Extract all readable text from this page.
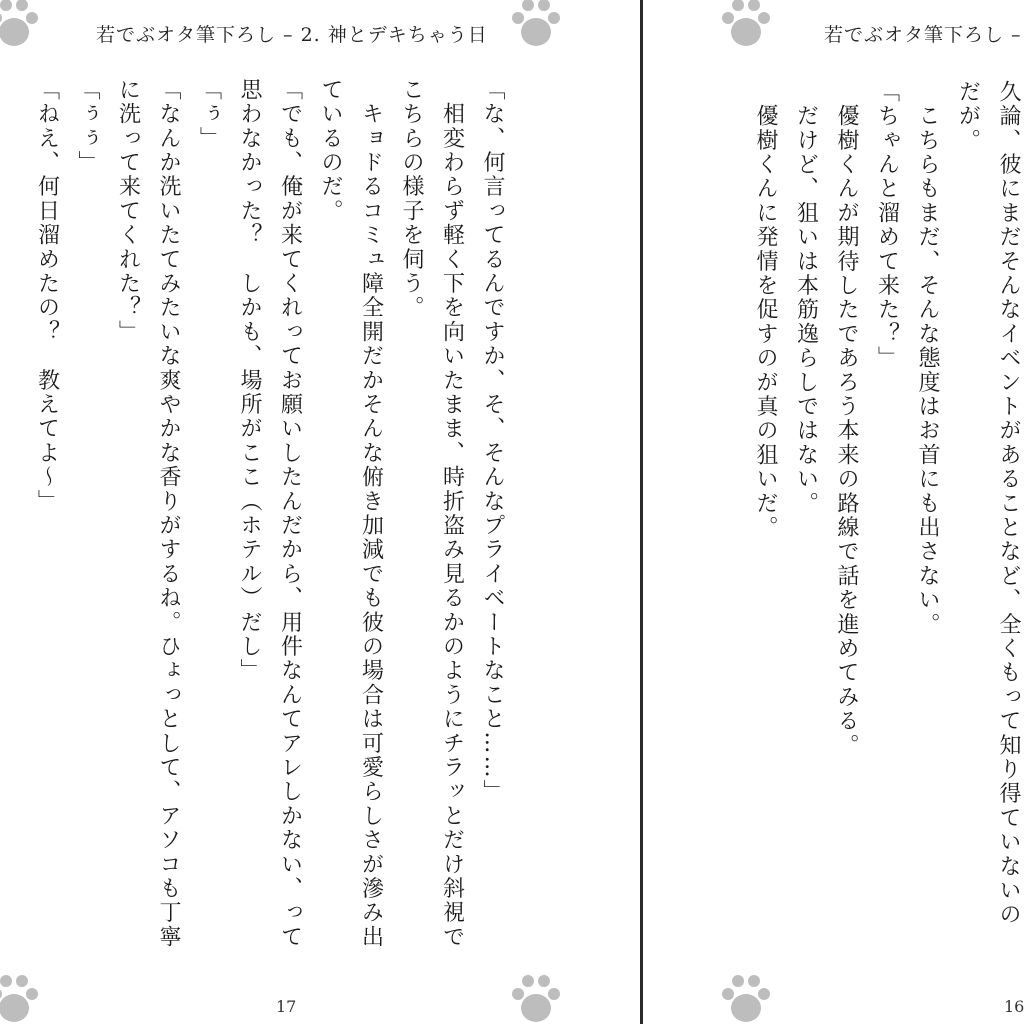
若でぶオタ筆下ろし – 2. 神とデキちゃう日
「な、何言ってるんですか、そ、そんなプライベートなこと……」
　相変わらず軽く下を向いたまま、時折盗み見るかのようにチラッとだけ斜視で
こちらの様子を伺う。
　キョドるコミュ障全開だかそんな俯き加減でも彼の場合は可愛らしさが滲み出
ているのだ。
「でも、俺が来てくれってお願いしたんだから、用件なんてアレしかない、って
思わなかった？　しかも、場所がここ（ホテル）だし」
「ぅ」
「なんか洗いたてみたいな爽やかな香りがするね。ひょっとして、アソコも丁寧
に洗って来てくれた？」
「ぅぅ」
「ねえ、何日溜めたの？　教えてよ～」
17
若でぶオタ筆下ろし –
久論、彼にまだそんなイベントがあることなど、全くもって知り得ていないの
だが。
　こちらもまだ、そんな態度はお首にも出さない。
「ちゃんと溜めて来た？」
　優樹くんが期待したであろう本来の路線で話を進めてみる。
　だけど、狙いは本筋逸らしではない。
　優樹くんに発情を促すのが真の狙いだ。
16
